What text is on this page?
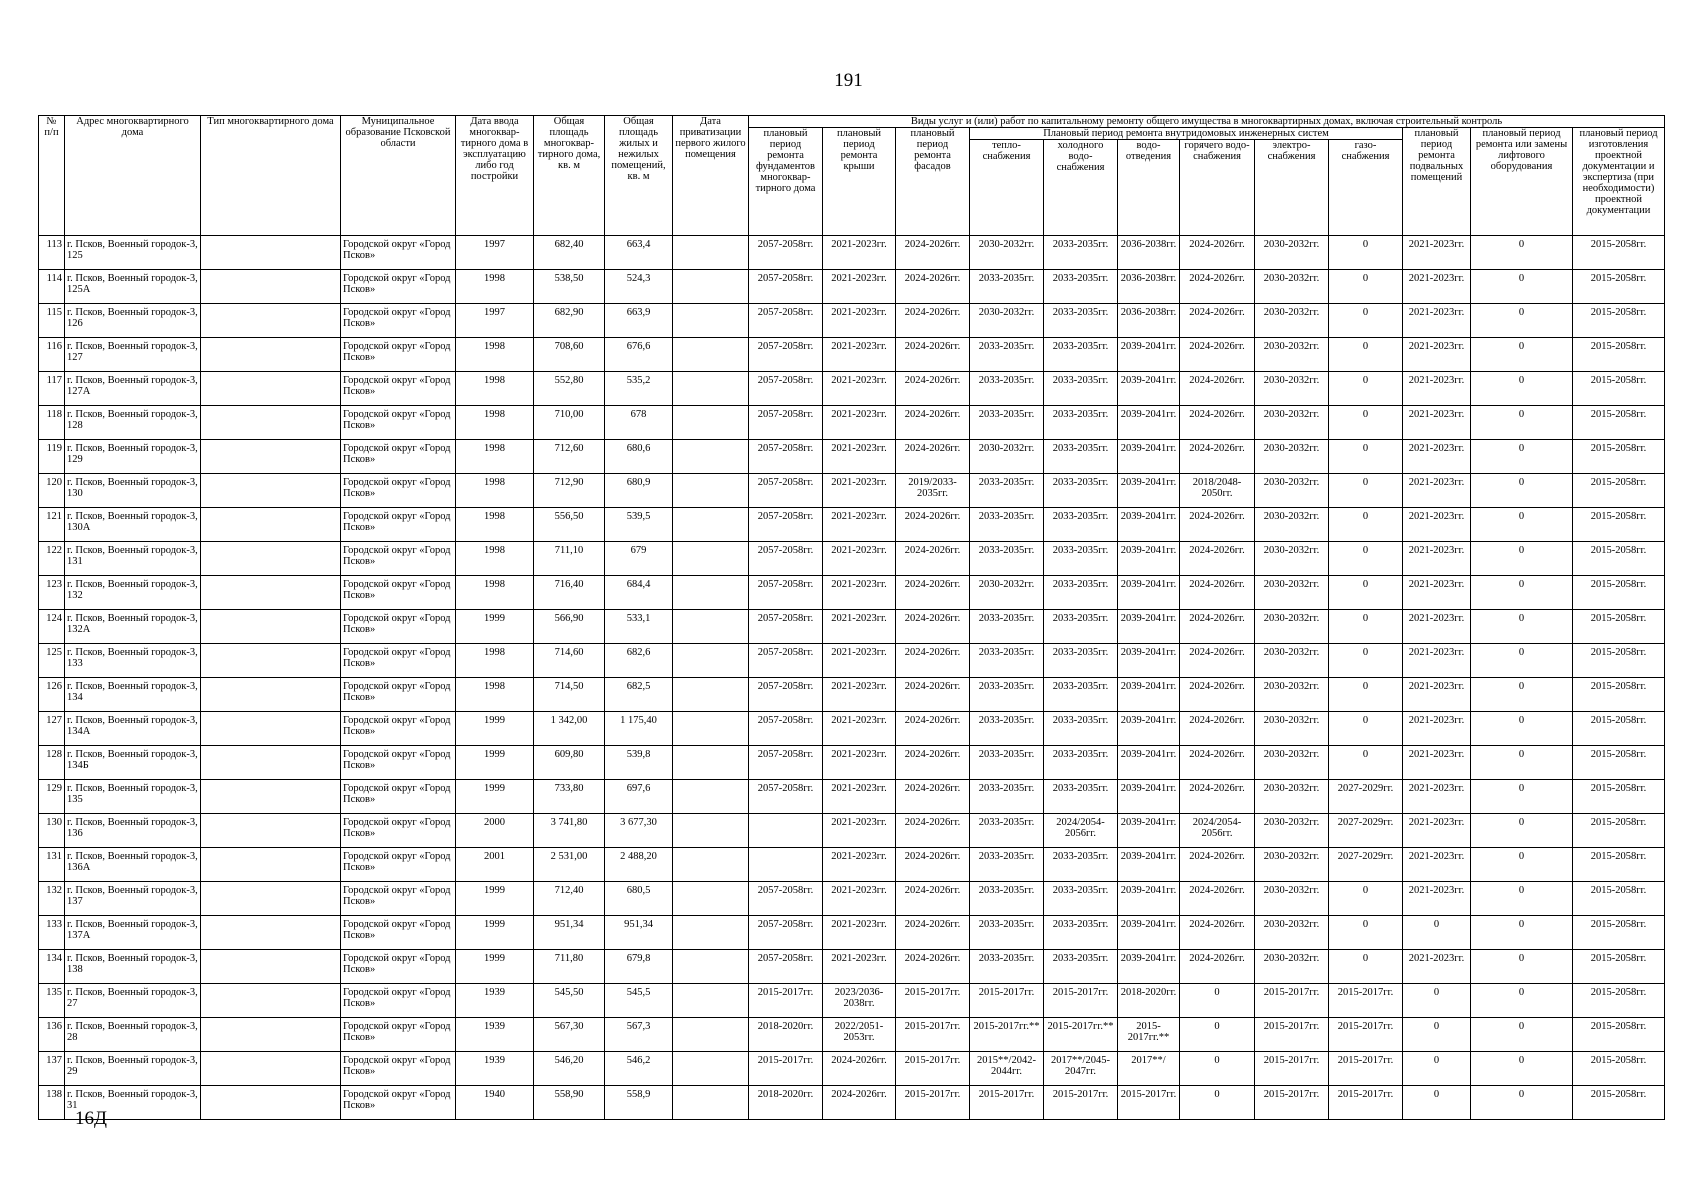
191
№ п/п	Адрес многоквартирного дома	Тип многоквартирного дома	Муниципальное образование Псковской области	Дата ввода многоквар-тирного дома в эксплуатацию либо год постройки	Общая площадь многоквар-тирного дома, кв. м	Общая площадь жилых и нежилых помещений, кв. м	Дата приватизации первого жилого помещения	Виды услуг и (или) работ по капитальному ремонту общего имущества в многоквартирных домах, включая строительный контроль											
								плановый период ремонта фундаментов многоквар-тирного дома	плановый период ремонта крыши	плановый период ремонта фасадов	Плановый период ремонта внутридомовых инженерных систем						плановый период ремонта подвальных помещений	плановый период ремонта или замены лифтового оборудования	плановый период изготовления проектной документации и экспертиза (при необходимости) проектной документации
											тепло-снабжения	холодного водо-снабжения	водо-отведения	горячего водо-снабжения	электро-снабжения	газо-снабжения			
113	г. Псков, Военный городок-3, 125		Городской округ «Город Псков»	1997	682,40	663,4		2057-2058гг.	2021-2023гг.	2024-2026гг.	2030-2032гг.	2033-2035гг.	2036-2038гг.	2024-2026гг.	2030-2032гг.	0	2021-2023гг.	0	2015-2058гг.
114	г. Псков, Военный городок-3, 125А		Городской округ «Город Псков»	1998	538,50	524,3		2057-2058гг.	2021-2023гг.	2024-2026гг.	2033-2035гг.	2033-2035гг.	2036-2038гг.	2024-2026гг.	2030-2032гг.	0	2021-2023гг.	0	2015-2058гг.
115	г. Псков, Военный городок-3, 126		Городской округ «Город Псков»	1997	682,90	663,9		2057-2058гг.	2021-2023гг.	2024-2026гг.	2030-2032гг.	2033-2035гг.	2036-2038гг.	2024-2026гг.	2030-2032гг.	0	2021-2023гг.	0	2015-2058гг.
116	г. Псков, Военный городок-3, 127		Городской округ «Город Псков»	1998	708,60	676,6		2057-2058гг.	2021-2023гг.	2024-2026гг.	2033-2035гг.	2033-2035гг.	2039-2041гг.	2024-2026гг.	2030-2032гг.	0	2021-2023гг.	0	2015-2058гг.
117	г. Псков, Военный городок-3, 127А		Городской округ «Город Псков»	1998	552,80	535,2		2057-2058гг.	2021-2023гг.	2024-2026гг.	2033-2035гг.	2033-2035гг.	2039-2041гг.	2024-2026гг.	2030-2032гг.	0	2021-2023гг.	0	2015-2058гг.
118	г. Псков, Военный городок-3, 128		Городской округ «Город Псков»	1998	710,00	678		2057-2058гг.	2021-2023гг.	2024-2026гг.	2033-2035гг.	2033-2035гг.	2039-2041гг.	2024-2026гг.	2030-2032гг.	0	2021-2023гг.	0	2015-2058гг.
119	г. Псков, Военный городок-3, 129		Городской округ «Город Псков»	1998	712,60	680,6		2057-2058гг.	2021-2023гг.	2024-2026гг.	2030-2032гг.	2033-2035гг.	2039-2041гг.	2024-2026гг.	2030-2032гг.	0	2021-2023гг.	0	2015-2058гг.
120	г. Псков, Военный городок-3, 130		Городской округ «Город Псков»	1998	712,90	680,9		2057-2058гг.	2021-2023гг.	2019/2033-2035гг.	2033-2035гг.	2033-2035гг.	2039-2041гг.	2018/2048-2050гг.	2030-2032гг.	0	2021-2023гг.	0	2015-2058гг.
121	г. Псков, Военный городок-3, 130А		Городской округ «Город Псков»	1998	556,50	539,5		2057-2058гг.	2021-2023гг.	2024-2026гг.	2033-2035гг.	2033-2035гг.	2039-2041гг.	2024-2026гг.	2030-2032гг.	0	2021-2023гг.	0	2015-2058гг.
122	г. Псков, Военный городок-3, 131		Городской округ «Город Псков»	1998	711,10	679		2057-2058гг.	2021-2023гг.	2024-2026гг.	2033-2035гг.	2033-2035гг.	2039-2041гг.	2024-2026гг.	2030-2032гг.	0	2021-2023гг.	0	2015-2058гг.
123	г. Псков, Военный городок-3, 132		Городской округ «Город Псков»	1998	716,40	684,4		2057-2058гг.	2021-2023гг.	2024-2026гг.	2030-2032гг.	2033-2035гг.	2039-2041гг.	2024-2026гг.	2030-2032гг.	0	2021-2023гг.	0	2015-2058гг.
124	г. Псков, Военный городок-3, 132А		Городской округ «Город Псков»	1999	566,90	533,1		2057-2058гг.	2021-2023гг.	2024-2026гг.	2033-2035гг.	2033-2035гг.	2039-2041гг.	2024-2026гг.	2030-2032гг.	0	2021-2023гг.	0	2015-2058гг.
125	г. Псков, Военный городок-3, 133		Городской округ «Город Псков»	1998	714,60	682,6		2057-2058гг.	2021-2023гг.	2024-2026гг.	2033-2035гг.	2033-2035гг.	2039-2041гг.	2024-2026гг.	2030-2032гг.	0	2021-2023гг.	0	2015-2058гг.
126	г. Псков, Военный городок-3, 134		Городской округ «Город Псков»	1998	714,50	682,5		2057-2058гг.	2021-2023гг.	2024-2026гг.	2033-2035гг.	2033-2035гг.	2039-2041гг.	2024-2026гг.	2030-2032гг.	0	2021-2023гг.	0	2015-2058гг.
127	г. Псков, Военный городок-3, 134А		Городской округ «Город Псков»	1999	1 342,00	1 175,40		2057-2058гг.	2021-2023гг.	2024-2026гг.	2033-2035гг.	2033-2035гг.	2039-2041гг.	2024-2026гг.	2030-2032гг.	0	2021-2023гг.	0	2015-2058гг.
128	г. Псков, Военный городок-3, 134Б		Городской округ «Город Псков»	1999	609,80	539,8		2057-2058гг.	2021-2023гг.	2024-2026гг.	2033-2035гг.	2033-2035гг.	2039-2041гг.	2024-2026гг.	2030-2032гг.	0	2021-2023гг.	0	2015-2058гг.
129	г. Псков, Военный городок-3, 135		Городской округ «Город Псков»	1999	733,80	697,6		2057-2058гг.	2021-2023гг.	2024-2026гг.	2033-2035гг.	2033-2035гг.	2039-2041гг.	2024-2026гг.	2030-2032гг.	2027-2029гг.	2021-2023гг.	0	2015-2058гг.
130	г. Псков, Военный городок-3, 136		Городской округ «Город Псков»	2000	3 741,80	3 677,30			2021-2023гг.	2024-2026гг.	2033-2035гг.	2024/2054-2056гг.	2039-2041гг.	2024/2054-2056гг.	2030-2032гг.	2027-2029гг.	2021-2023гг.	0	2015-2058гг.
131	г. Псков, Военный городок-3, 136А		Городской округ «Город Псков»	2001	2 531,00	2 488,20			2021-2023гг.	2024-2026гг.	2033-2035гг.	2033-2035гг.	2039-2041гг.	2024-2026гг.	2030-2032гг.	2027-2029гг.	2021-2023гг.	0	2015-2058гг.
132	г. Псков, Военный городок-3, 137		Городской округ «Город Псков»	1999	712,40	680,5		2057-2058гг.	2021-2023гг.	2024-2026гг.	2033-2035гг.	2033-2035гг.	2039-2041гг.	2024-2026гг.	2030-2032гг.	0	2021-2023гг.	0	2015-2058гг.
133	г. Псков, Военный городок-3, 137А		Городской округ «Город Псков»	1999	951,34	951,34		2057-2058гг.	2021-2023гг.	2024-2026гг.	2033-2035гг.	2033-2035гг.	2039-2041гг.	2024-2026гг.	2030-2032гг.	0	0	0	2015-2058гг.
134	г. Псков, Военный городок-3, 138		Городской округ «Город Псков»	1999	711,80	679,8		2057-2058гг.	2021-2023гг.	2024-2026гг.	2033-2035гг.	2033-2035гг.	2039-2041гг.	2024-2026гг.	2030-2032гг.	0	2021-2023гг.	0	2015-2058гг.
135	г. Псков, Военный городок-3, 27		Городской округ «Город Псков»	1939	545,50	545,5		2015-2017гг.	2023/2036-2038гг.	2015-2017гг.	2015-2017гг.	2015-2017гг.	2018-2020гг.	0	2015-2017гг.	2015-2017гг.	0	0	2015-2058гг.
136	г. Псков, Военный городок-3, 28		Городской округ «Город Псков»	1939	567,30	567,3		2018-2020гг.	2022/2051-2053гг.	2015-2017гг.	2015-2017гг.**	2015-2017гг.**	2015-2017гг.**	0	2015-2017гг.	2015-2017гг.	0	0	2015-2058гг.
137	г. Псков, Военный городок-3, 29		Городской округ «Город Псков»	1939	546,20	546,2		2015-2017гг.	2024-2026гг.	2015-2017гг.	2015**/2042-2044гг.	2017**/2045-2047гг.	2017**/	0	2015-2017гг.	2015-2017гг.	0	0	2015-2058гг.
138	г. Псков, Военный городок-3, 31		Городской округ «Город Псков»	1940	558,90	558,9		2018-2020гг.	2024-2026гг.	2015-2017гг.	2015-2017гг.	2015-2017гг.	2015-2017гг.	0	2015-2017гг.	2015-2017гг.	0	0	2015-2058гг.
16Д
